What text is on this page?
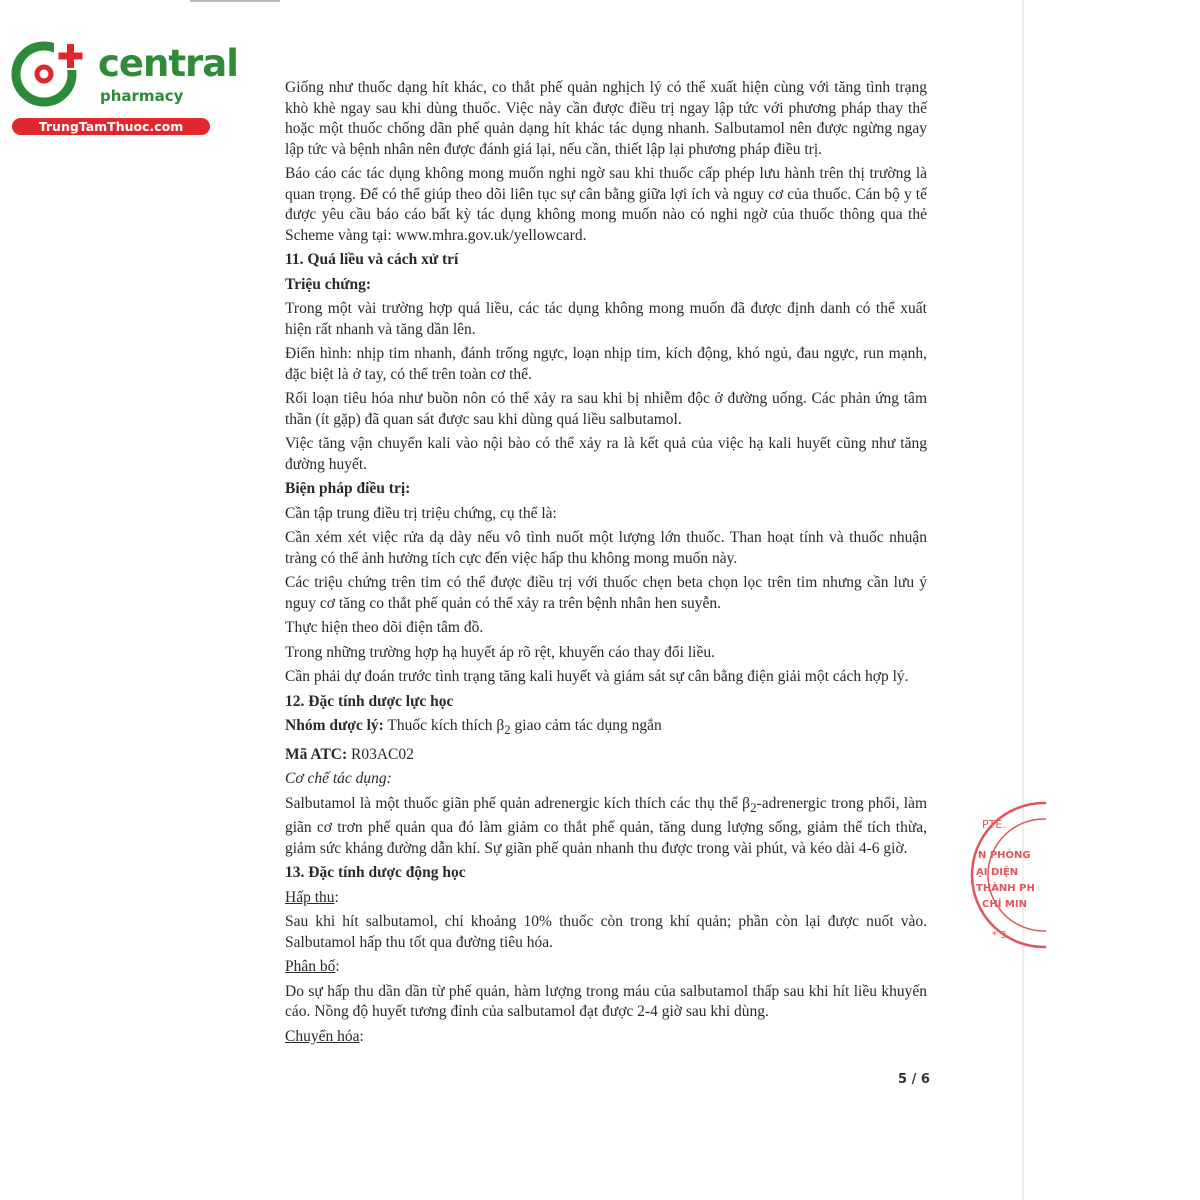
central
pharmacy
TrungTamThuoc.com

Giống như thuốc dạng hít khác, co thắt phế quản nghịch lý có thể xuất hiện cùng với tăng tình trạng khò khè ngay sau khi dùng thuốc. Việc này cần được điều trị ngay lập tức với phương pháp thay thế hoặc một thuốc chống dãn phế quản dạng hít khác tác dụng nhanh. Salbutamol nên được ngừng ngay lập tức và bệnh nhân nên được đánh giá lại, nếu cần, thiết lập lại phương pháp điều trị.

Báo cáo các tác dụng không mong muốn nghi ngờ sau khi thuốc cấp phép lưu hành trên thị trường là quan trọng. Để có thể giúp theo dõi liên tục sự cân bằng giữa lợi ích và nguy cơ của thuốc. Cán bộ y tế được yêu cầu báo cáo bất kỳ tác dụng không mong muốn nào có nghi ngờ của thuốc thông qua thẻ Scheme vàng tại: www.mhra.gov.uk/yellowcard.

11. Quá liều và cách xử trí
Triệu chứng:

Trong một vài trường hợp quá liều, các tác dụng không mong muốn đã được định danh có thể xuất hiện rất nhanh và tăng dần lên.

Điển hình: nhịp tim nhanh, đánh trống ngực, loạn nhịp tim, kích động, khó ngủ, đau ngực, run mạnh, đặc biệt là ở tay, có thể trên toàn cơ thể.

Rối loạn tiêu hóa như buồn nôn có thể xảy ra sau khi bị nhiễm độc ở đường uống. Các phản ứng tâm thần (ít gặp) đã quan sát được sau khi dùng quá liều salbutamol.

Việc tăng vận chuyển kali vào nội bào có thể xảy ra là kết quả của việc hạ kali huyết cũng như tăng đường huyết.

Biện pháp điều trị:

Cần tập trung điều trị triệu chứng, cụ thể là:

Cần xém xét việc rửa dạ dày nếu vô tình nuốt một lượng lớn thuốc. Than hoạt tính và thuốc nhuận tràng có thể ảnh hưởng tích cực đến việc hấp thu không mong muốn này.

Các triệu chứng trên tim có thể được điều trị với thuốc chẹn beta chọn lọc trên tim nhưng cần lưu ý nguy cơ tăng co thắt phế quản có thể xảy ra trên bệnh nhân hen suyễn.

Thực hiện theo dõi điện tâm đồ.

Trong những trường hợp hạ huyết áp rõ rệt, khuyến cáo thay đổi liều.

Cần phải dự đoán trước tình trạng tăng kali huyết và giám sát sự cân bằng điện giải một cách hợp lý.

12. Đặc tính dược lực học

Nhóm dược lý: Thuốc kích thích $\beta_2$ giao cảm tác dụng ngắn

Mã ATC: R03AC02

Cơ chế tác dụng:

Salbutamol là một thuốc giãn phế quản adrenergic kích thích các thụ thể $\beta_2$-adrenergic trong phổi, làm giãn cơ trơn phế quản qua đó làm giảm co thắt phế quản, tăng dung lượng sống, giảm thể tích thừa, giảm sức kháng đường dẫn khí. Sự giãn phế quản nhanh thu được trong vài phút, và kéo dài 4-6 giờ.

13. Đặc tính dược động học

Hấp thu:

Sau khi hít salbutamol, chỉ khoảng 10% thuốc còn trong khí quản; phần còn lại được nuốt vào. Salbutamol hấp thu tốt qua đường tiêu hóa.

Phân bố:

Do sự hấp thu dần dần từ phế quản, hàm lượng trong máu của salbutamol thấp sau khi hít liều khuyến cáo. Nồng độ huyết tương đỉnh của salbutamol đạt được 2-4 giờ sau khi dùng.

Chuyển hóa:

5 / 6
PTE.
N PHÒNG
ẠI DIỆN
THÀNH PH
CHÍ MIN
* 3
